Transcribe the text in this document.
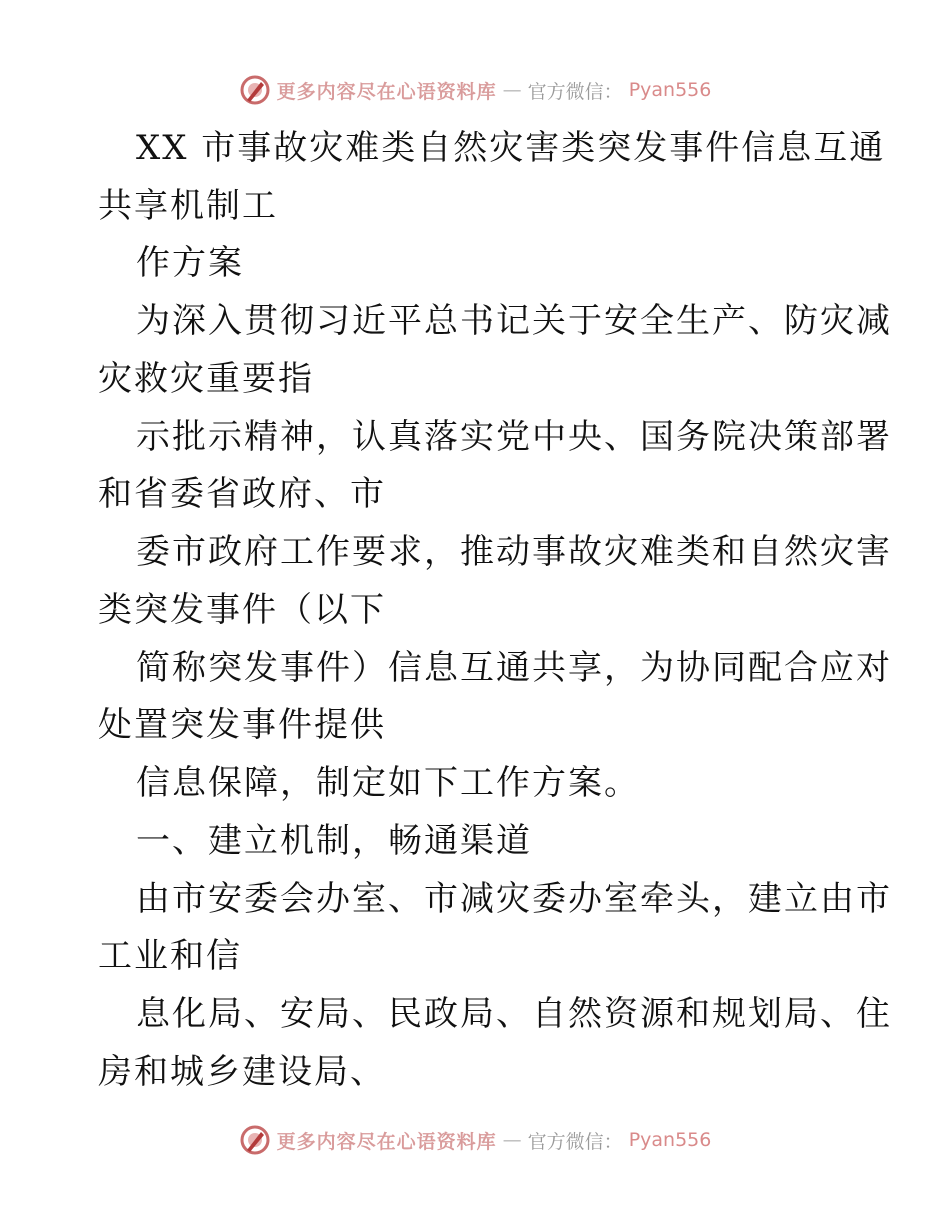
更多内容尽在心语资料库 — 官方微信： Pyan556
XX 市事故灾难类自然灾害类突发事件信息互通
共享机制工
作方案
为深入贯彻习近平总书记关于安全生产、防灾减
灾救灾重要指
示批示精神，认真落实党中央、国务院决策部署
和省委省政府、市
委市政府工作要求，推动事故灾难类和自然灾害
类突发事件（以下
简称突发事件）信息互通共享，为协同配合应对
处置突发事件提供
信息保障，制定如下工作方案。
一、建立机制，畅通渠道
由市安委会办室、市减灾委办室牵头，建立由市
工业和信
息化局、安局、民政局、自然资源和规划局、住
房和城乡建设局、
更多内容尽在心语资料库 — 官方微信： Pyan556
